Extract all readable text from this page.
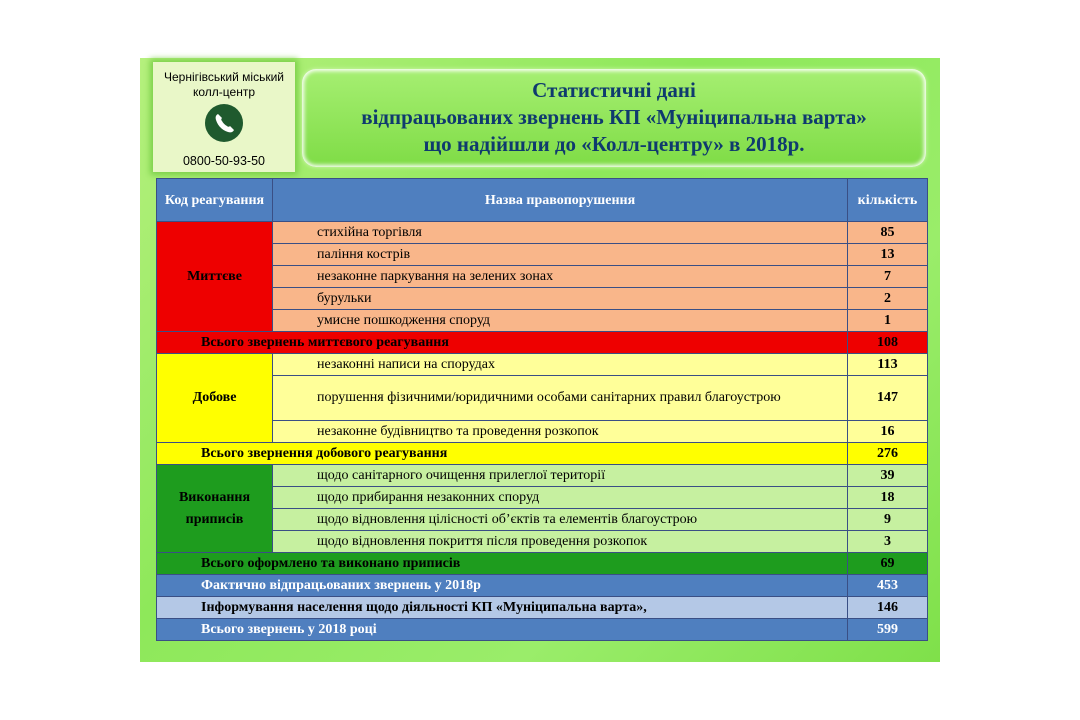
Чернігівський міський
колл-центр
0800-50-93-50
Статистичні дані
відпрацьованих звернень КП «Муніципальна варта»
що надійшли до «Колл-центру» в 2018р.
Код реагування	Назва правопорушення	кількість
Миттєве	стихійна торгівля	85
	паління кострів	13
	незаконне паркування на зелених зонах	7
	бурульки	2
	умисне пошкодження споруд	1
Всього звернень миттєвого реагування		108
Добове	незаконні написи на спорудах	113
	порушення фізичними/юридичними особами санітарних правил благоустрою	147
	незаконне будівництво та проведення розкопок	16
Всього звернення добового реагування		276
Виконання приписів	щодо санітарного очищення прилеглої території	39
	щодо прибирання незаконних споруд	18
	щодо відновлення цілісності об’єктів та елементів благоустрою	9
	щодо відновлення покриття після проведення розкопок	3
Всього оформлено та виконано приписів		69
Фактично відпрацьованих звернень у 2018р		453
Інформування населення щодо діяльності КП «Муніципальна варта»,		146
Всього звернень у 2018 році		599
